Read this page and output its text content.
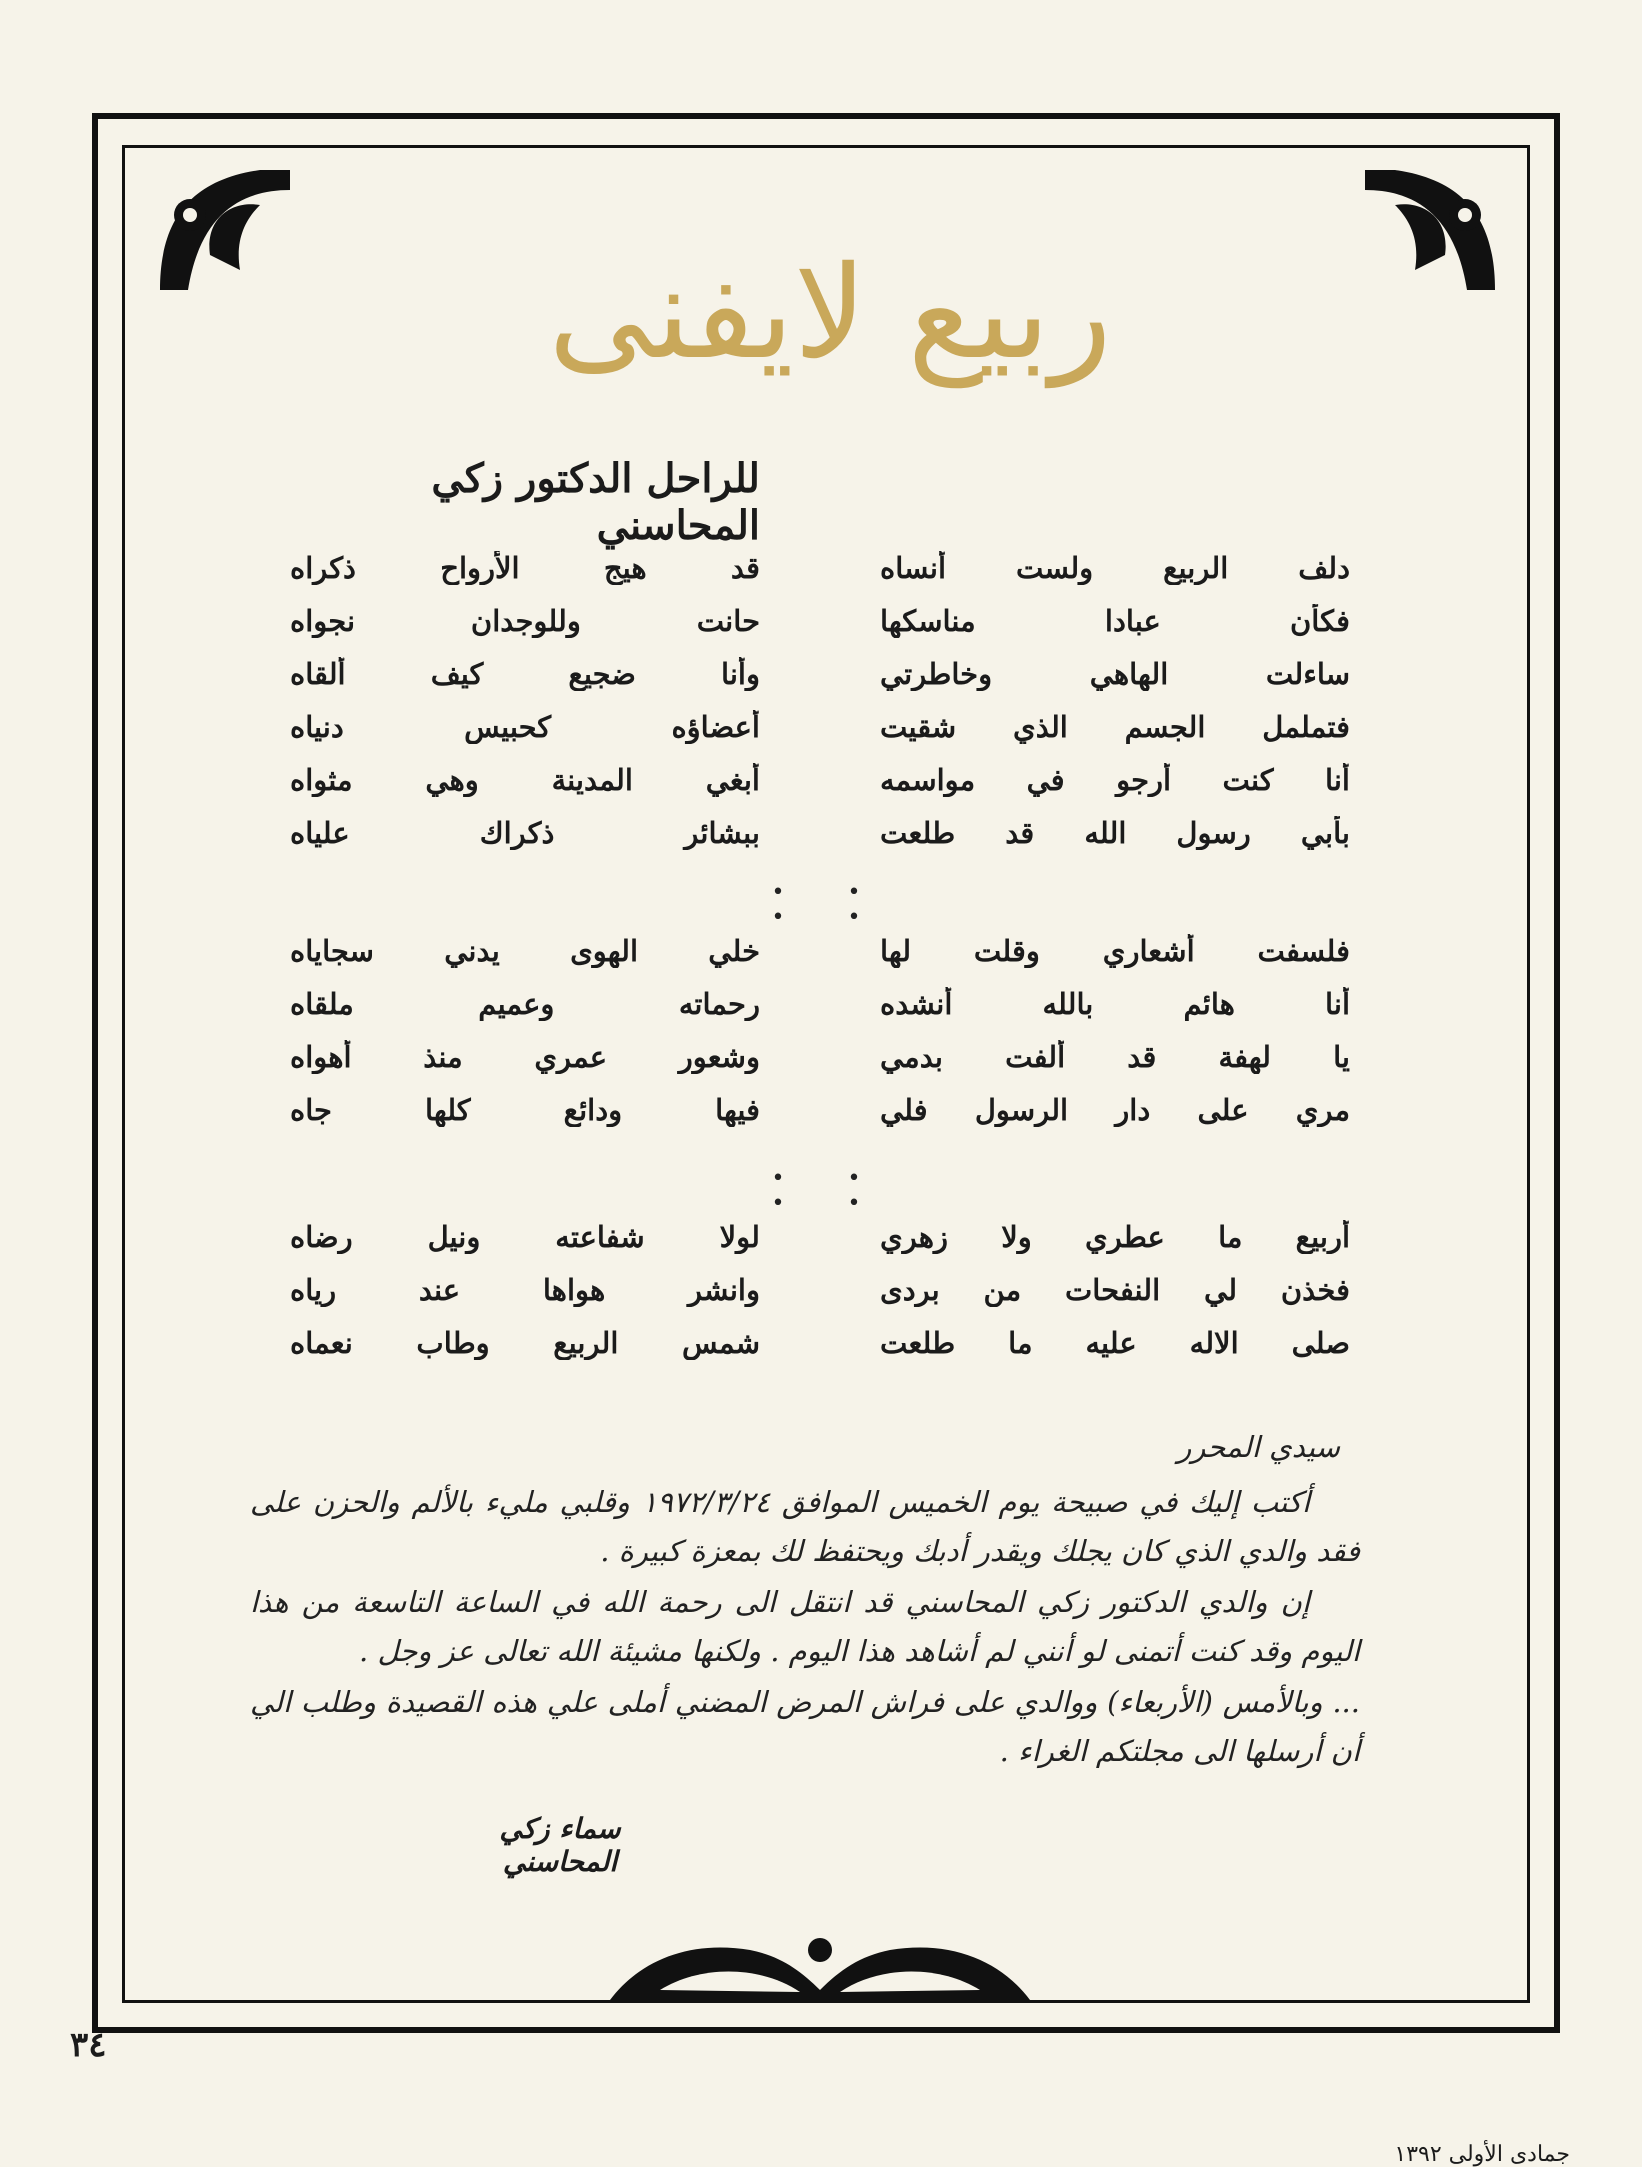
ربيع لايفنى
للراحل الدكتور زكي المحاسني
دلف الربيع ولست أنساه
قد هيج الأرواح ذكراه
فكأن عبادا مناسكها
حانت وللوجدان نجواه
ساءلت الهاهي وخاطرتي
وأنا ضجيع كيف ألقاه
فتململ الجسم الذي شقيت
أعضاؤه كحبيس دنياه
أنا كنت أرجو في مواسمه
أبغي المدينة وهي مثواه
بأبي رسول الله قد طلعت
ببشائر ذكراك علياه
• • • •
فلسفت أشعاري وقلت لها
خلي الهوى يدني سجاياه
أنا هائم بالله أنشده
رحماته وعميم ملقاه
يا لهفة قد ألفت بدمي
وشعور عمري منذ أهواه
مري على دار الرسول فلي
فيها ودائع كلها جاه
• • • •
أربيع ما عطري ولا زهري
لولا شفاعته ونيل رضاه
فخذن لي النفحات من بردى
وانشر هواها عند رياه
صلى الاله عليه ما طلعت
شمس الربيع وطاب نعماه
سيدي المحرر

أكتب إليك في صبيحة يوم الخميس الموافق ١٩٧٢/٣/٢٤ وقلبي مليء بالألم والحزن على فقد والدي الذي كان يجلك ويقدر أدبك ويحتفظ لك بمعزة كبيرة .

إن والدي الدكتور زكي المحاسني قد انتقل الى رحمة الله في الساعة التاسعة من هذا اليوم وقد كنت أتمنى لو أنني لم أشاهد هذا اليوم . ولكنها مشيئة الله تعالى عز وجل .

... وبالأمس (الأربعاء) ووالدي على فراش المرض المضني أملى علي هذه القصيدة وطلب الي أن أرسلها الى مجلتكم الغراء .

سماء زكي المحاسني
٣٤
جمادى الأولى ١٣٩٢
